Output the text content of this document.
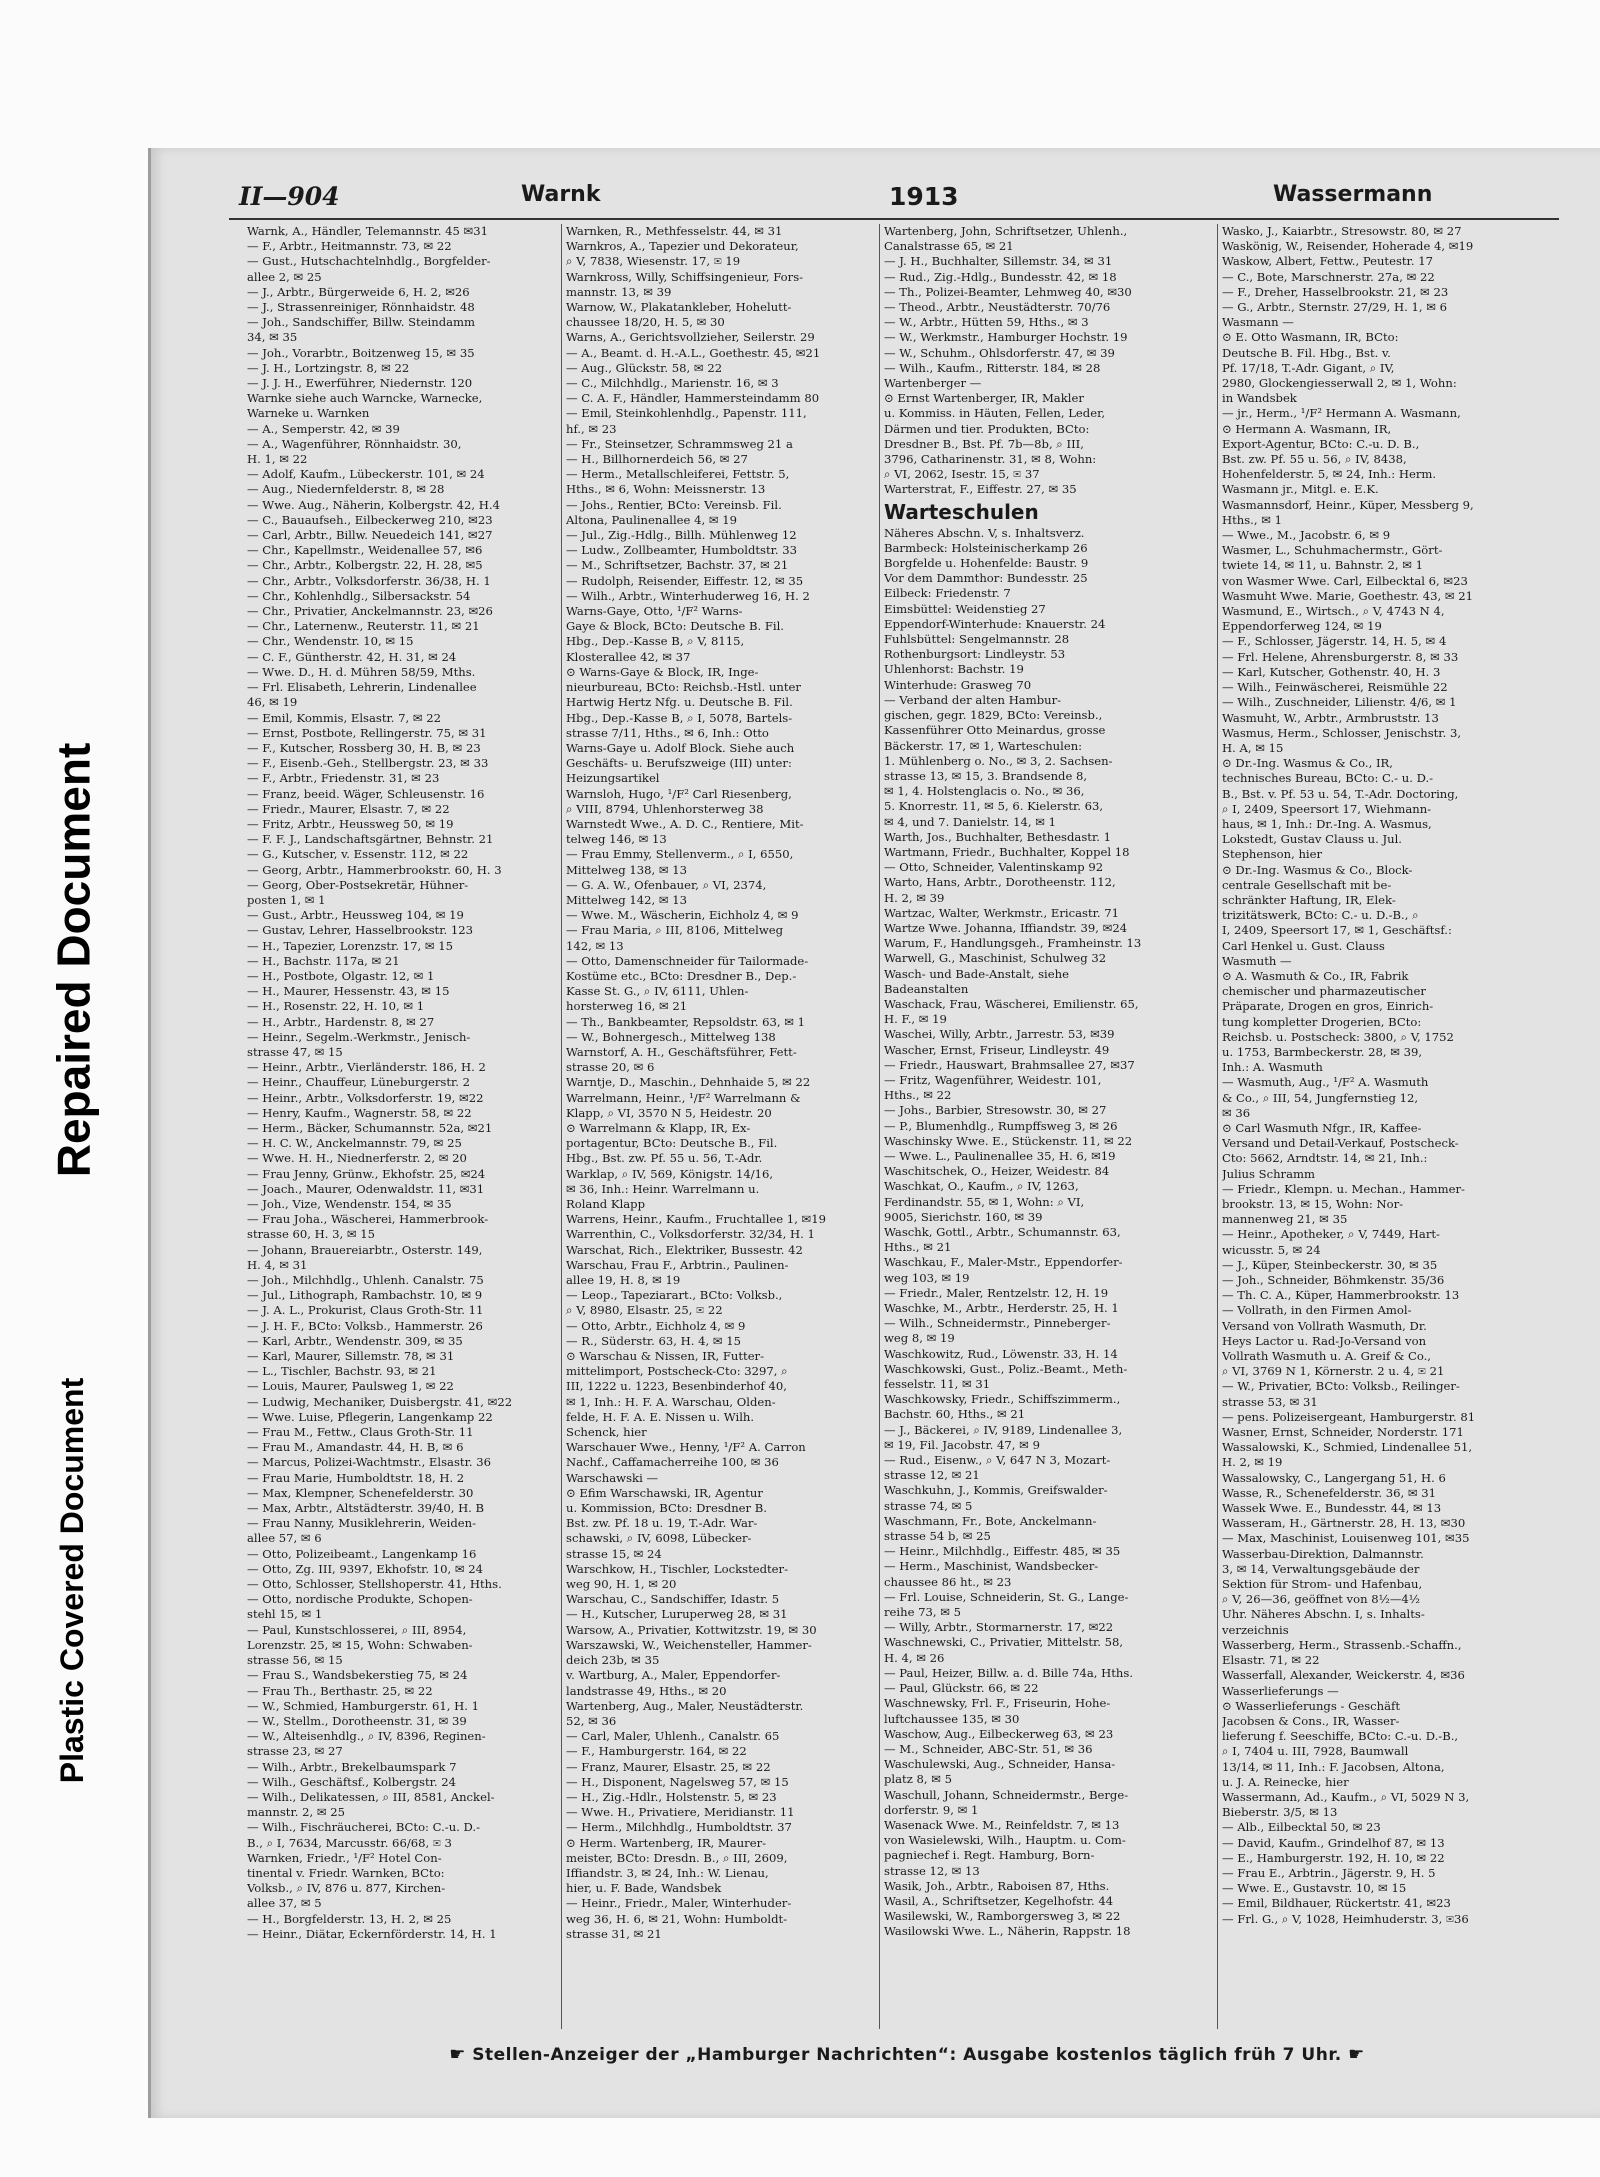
Repaired Document
Plastic Covered Document
II—904	Warnk	1913	Wassermann

Warnk, A., Händler, Telemannstr. 45 ✉31

— F., Arbtr., Heitmannstr. 73, ✉ 22

— Gust., Hutschachtelnhdlg., Borgfelder-

allee 2, ✉ 25

— J., Arbtr., Bürgerweide 6, H. 2, ✉26

— J., Strassenreiniger, Rönnhaidstr. 48

— Joh., Sandschiffer, Billw. Steindamm

34, ✉ 35

— Joh., Vorarbtr., Boitzenweg 15, ✉ 35

— J. H., Lortzingstr. 8, ✉ 22

— J. J. H., Ewerführer, Niedernstr. 120

Warnke siehe auch Warncke, Warnecke,

Warneke u. Warnken

— A., Semperstr. 42, ✉ 39

— A., Wagenführer, Rönnhaidstr. 30,

H. 1, ✉ 22

— Adolf, Kaufm., Lübeckerstr. 101, ✉ 24

— Aug., Niedernfelderstr. 8, ✉ 28

— Wwe. Aug., Näherin, Kolbergstr. 42, H.4

— C., Bauaufseh., Eilbeckerweg 210, ✉23

— Carl, Arbtr., Billw. Neuedeich 141, ✉27

— Chr., Kapellmstr., Weidenallee 57, ✉6

— Chr., Arbtr., Kolbergstr. 22, H. 28, ✉5

— Chr., Arbtr., Volksdorferstr. 36/38, H. 1

— Chr., Kohlenhdlg., Silbersackstr. 54

— Chr., Privatier, Anckelmannstr. 23, ✉26

— Chr., Laternenw., Reuterstr. 11, ✉ 21

— Chr., Wendenstr. 10, ✉ 15

— C. F., Güntherstr. 42, H. 31, ✉ 24

— Wwe. D., H. d. Mühren 58/59, Mths.

— Frl. Elisabeth, Lehrerin, Lindenallee

46, ✉ 19

— Emil, Kommis, Elsastr. 7, ✉ 22

— Ernst, Postbote, Rellingerstr. 75, ✉ 31

— F., Kutscher, Rossberg 30, H. B, ✉ 23

— F., Eisenb.-Geh., Stellbergstr. 23, ✉ 33

— F., Arbtr., Friedenstr. 31, ✉ 23

— Franz, beeid. Wäger, Schleusenstr. 16

— Friedr., Maurer, Elsastr. 7, ✉ 22

— Fritz, Arbtr., Heussweg 50, ✉ 19

— F. F. J., Landschaftsgärtner, Behnstr. 21

— G., Kutscher, v. Essenstr. 112, ✉ 22

— Georg, Arbtr., Hammerbrookstr. 60, H. 3

— Georg, Ober-Postsekretär, Hühner-

posten 1, ✉ 1

— Gust., Arbtr., Heussweg 104, ✉ 19

— Gustav, Lehrer, Hasselbrookstr. 123

— H., Tapezier, Lorenzstr. 17, ✉ 15

— H., Bachstr. 117a, ✉ 21

— H., Postbote, Olgastr. 12, ✉ 1

— H., Maurer, Hessenstr. 43, ✉ 15

— H., Rosenstr. 22, H. 10, ✉ 1

— H., Arbtr., Hardenstr. 8, ✉ 27

— Heinr., Segelm.-Werkmstr., Jenisch-

strasse 47, ✉ 15

— Heinr., Arbtr., Vierländerstr. 186, H. 2

— Heinr., Chauffeur, Lüneburgerstr. 2

— Heinr., Arbtr., Volksdorferstr. 19, ✉22

— Henry, Kaufm., Wagnerstr. 58, ✉ 22

— Herm., Bäcker, Schumannstr. 52a, ✉21

— H. C. W., Anckelmannstr. 79, ✉ 25

— Wwe. H. H., Niednerferstr. 2, ✉ 20

— Frau Jenny, Grünw., Ekhofstr. 25, ✉24

— Joach., Maurer, Odenwaldstr. 11, ✉31

— Joh., Vize, Wendenstr. 154, ✉ 35

— Frau Joha., Wäscherei, Hammerbrook-

strasse 60, H. 3, ✉ 15

— Johann, Brauereiarbtr., Osterstr. 149,

H. 4, ✉ 31

— Joh., Milchhdlg., Uhlenh. Canalstr. 75

— Jul., Lithograph, Rambachstr. 10, ✉ 9

— J. A. L., Prokurist, Claus Groth-Str. 11

— J. H. F., BCto: Volksb., Hammerstr. 26

— Karl, Arbtr., Wendenstr. 309, ✉ 35

— Karl, Maurer, Sillemstr. 78, ✉ 31

— L., Tischler, Bachstr. 93, ✉ 21

— Louis, Maurer, Paulsweg 1, ✉ 22

— Ludwig, Mechaniker, Duisbergstr. 41, ✉22

— Wwe. Luise, Pflegerin, Langenkamp 22

— Frau M., Fettw., Claus Groth-Str. 11

— Frau M., Amandastr. 44, H. B, ✉ 6

— Marcus, Polizei-Wachtmstr., Elsastr. 36

— Frau Marie, Humboldtstr. 18, H. 2

— Max, Klempner, Schenefelderstr. 30

— Max, Arbtr., Altstädterstr. 39/40, H. B

— Frau Nanny, Musiklehrerin, Weiden-

allee 57, ✉ 6

— Otto, Polizeibeamt., Langenkamp 16

— Otto, Zg. III, 9397, Ekhofstr. 10, ✉ 24

— Otto, Schlosser, Stellshoperstr. 41, Hths.

— Otto, nordische Produkte, Schopen-

stehl 15, ✉ 1

— Paul, Kunstschlosserei, ⌕ III, 8954,

Lorenzstr. 25, ✉ 15, Wohn: Schwaben-

strasse 56, ✉ 15

— Frau S., Wandsbekerstieg 75, ✉ 24

— Frau Th., Berthastr. 25, ✉ 22

— W., Schmied, Hamburgerstr. 61, H. 1

— W., Stellm., Dorotheenstr. 31, ✉ 39

— W., Alteisenhdlg., ⌕ IV, 8396, Reginen-

strasse 23, ✉ 27

— Wilh., Arbtr., Brekelbaumspark 7

— Wilh., Geschäftsf., Kolbergstr. 24

— Wilh., Delikatessen, ⌕ III, 8581, Anckel-

mannstr. 2, ✉ 25

— Wilh., Fischräucherei, BCto: C.-u. D.-

B., ⌕ I, 7634, Marcusstr. 66/68, ✉ 3

Warnken, Friedr., ¹/F² Hotel Con-

tinental v. Friedr. Warnken, BCto:

Volksb., ⌕ IV, 876 u. 877, Kirchen-

allee 37, ✉ 5

— H., Borgfelderstr. 13, H. 2, ✉ 25

— Heinr., Diätar, Eckernförderstr. 14, H. 1

Warnken, R., Methfesselstr. 44, ✉ 31

Warnkros, A., Tapezier und Dekorateur,

⌕ V, 7838, Wiesenstr. 17, ✉ 19

Warnkross, Willy, Schiffsingenieur, Fors-

mannstr. 13, ✉ 39

Warnow, W., Plakatankleber, Hohelutt-

chaussee 18/20, H. 5, ✉ 30

Warns, A., Gerichtsvollzieher, Seilerstr. 29

— A., Beamt. d. H.-A.L., Goethestr. 45, ✉21

— Aug., Glückstr. 58, ✉ 22

— C., Milchhdlg., Marienstr. 16, ✉ 3

— C. A. F., Händler, Hammersteindamm 80

— Emil, Steinkohlenhdlg., Papenstr. 111,

hf., ✉ 23

— Fr., Steinsetzer, Schrammsweg 21 a

— H., Billhornerdeich 56, ✉ 27

— Herm., Metallschleiferei, Fettstr. 5,

Hths., ✉ 6, Wohn: Meissnerstr. 13

— Johs., Rentier, BCto: Vereinsb. Fil.

Altona, Paulinenallee 4, ✉ 19

— Jul., Zig.-Hdlg., Billh. Mühlenweg 12

— Ludw., Zollbeamter, Humboldtstr. 33

— M., Schriftsetzer, Bachstr. 37, ✉ 21

— Rudolph, Reisender, Eiffestr. 12, ✉ 35

— Wilh., Arbtr., Winterhuderweg 16, H. 2

Warns-Gaye, Otto, ¹/F² Warns-

Gaye & Block, BCto: Deutsche B. Fil.

Hbg., Dep.-Kasse B, ⌕ V, 8115,

Klosterallee 42, ✉ 37

⊙ Warns-Gaye & Block, IR, Inge-

nieurbureau, BCto: Reichsb.-Hstl. unter

Hartwig Hertz Nfg. u. Deutsche B. Fil.

Hbg., Dep.-Kasse B, ⌕ I, 5078, Bartels-

strasse 7/11, Hths., ✉ 6, Inh.: Otto

Warns-Gaye u. Adolf Block. Siehe auch

Geschäfts- u. Berufszweige (III) unter:

Heizungsartikel

Warnsloh, Hugo, ¹/F² Carl Riesenberg,

⌕ VIII, 8794, Uhlenhorsterweg 38

Warnstedt Wwe., A. D. C., Rentiere, Mit-

telweg 146, ✉ 13

— Frau Emmy, Stellenverm., ⌕ I, 6550,

Mittelweg 138, ✉ 13

— G. A. W., Ofenbauer, ⌕ VI, 2374,

Mittelweg 142, ✉ 13

— Wwe. M., Wäscherin, Eichholz 4, ✉ 9

— Frau Maria, ⌕ III, 8106, Mittelweg

142, ✉ 13

— Otto, Damenschneider für Tailormade-

Kostüme etc., BCto: Dresdner B., Dep.-

Kasse St. G., ⌕ IV, 6111, Uhlen-

horsterweg 16, ✉ 21

— Th., Bankbeamter, Repsoldstr. 63, ✉ 1

— W., Bohnergesch., Mittelweg 138

Warnstorf, A. H., Geschäftsführer, Fett-

strasse 20, ✉ 6

Warntje, D., Maschin., Dehnhaide 5, ✉ 22

Warrelmann, Heinr., ¹/F² Warrelmann &

Klapp, ⌕ VI, 3570 N 5, Heidestr. 20

⊙ Warrelmann & Klapp, IR, Ex-

portagentur, BCto: Deutsche B., Fil.

Hbg., Bst. zw. Pf. 55 u. 56, T.-Adr.

Warklap, ⌕ IV, 569, Königstr. 14/16,

✉ 36, Inh.: Heinr. Warrelmann u.

Roland Klapp

Warrens, Heinr., Kaufm., Fruchtallee 1, ✉19

Warrenthin, C., Volksdorferstr. 32/34, H. 1

Warschat, Rich., Elektriker, Bussestr. 42

Warschau, Frau F., Arbtrin., Paulinen-

allee 19, H. 8, ✉ 19

— Leop., Tapeziarart., BCto: Volksb.,

⌕ V, 8980, Elsastr. 25, ✉ 22

— Otto, Arbtr., Eichholz 4, ✉ 9

— R., Süderstr. 63, H. 4, ✉ 15

⊙ Warschau & Nissen, IR, Futter-

mittelimport, Postscheck-Cto: 3297, ⌕

III, 1222 u. 1223, Besenbinderhof 40,

✉ 1, Inh.: H. F. A. Warschau, Olden-

felde, H. F. A. E. Nissen u. Wilh.

Schenck, hier

Warschauer Wwe., Henny, ¹/F² A. Carron

Nachf., Caffamacherreihe 100, ✉ 36

Warschawski —

⊙ Efim Warschawski, IR, Agentur

u. Kommission, BCto: Dresdner B.

Bst. zw. Pf. 18 u. 19, T.-Adr. War-

schawski, ⌕ IV, 6098, Lübecker-

strasse 15, ✉ 24

Warschkow, H., Tischler, Lockstedter-

weg 90, H. 1, ✉ 20

Warschau, C., Sandschiffer, Idastr. 5

— H., Kutscher, Luruperweg 28, ✉ 31

Warsow, A., Privatier, Kottwitzstr. 19, ✉ 30

Warszawski, W., Weichensteller, Hammer-

deich 23b, ✉ 35

v. Wartburg, A., Maler, Eppendorfer-

landstrasse 49, Hths., ✉ 20

Wartenberg, Aug., Maler, Neustädterstr.

52, ✉ 36

— Carl, Maler, Uhlenh., Canalstr. 65

— F., Hamburgerstr. 164, ✉ 22

— Franz, Maurer, Elsastr. 25, ✉ 22

— H., Disponent, Nagelsweg 57, ✉ 15

— H., Zig.-Hdlr., Holstenstr. 5, ✉ 23

— Wwe. H., Privatiere, Meridianstr. 11

— Herm., Milchhdlg., Humboldtstr. 37

⊙ Herm. Wartenberg, IR, Maurer-

meister, BCto: Dresdn. B., ⌕ III, 2609,

Iffiandstr. 3, ✉ 24, Inh.: W. Lienau,

hier, u. F. Bade, Wandsbek

— Heinr., Friedr., Maler, Winterhuder-

weg 36, H. 6, ✉ 21, Wohn: Humboldt-

strasse 31, ✉ 21

Wartenberg, John, Schriftsetzer, Uhlenh.,

Canalstrasse 65, ✉ 21

— J. H., Buchhalter, Sillemstr. 34, ✉ 31

— Rud., Zig.-Hdlg., Bundesstr. 42, ✉ 18

— Th., Polizei-Beamter, Lehmweg 40, ✉30

— Theod., Arbtr., Neustädterstr. 70/76

— W., Arbtr., Hütten 59, Hths., ✉ 3

— W., Werkmstr., Hamburger Hochstr. 19

— W., Schuhm., Ohlsdorferstr. 47, ✉ 39

— Wilh., Kaufm., Ritterstr. 184, ✉ 28

Wartenberger —

⊙ Ernst Wartenberger, IR, Makler

u. Kommiss. in Häuten, Fellen, Leder,

Därmen und tier. Produkten, BCto:

Dresdner B., Bst. Pf. 7b—8b, ⌕ III,

3796, Catharinenstr. 31, ✉ 8, Wohn:

⌕ VI, 2062, Isestr. 15, ✉ 37

Warterstrat, F., Eiffestr. 27, ✉ 35

Warteschulen

Näheres Abschn. V, s. Inhaltsverz.

Barmbeck: Holsteinischerkamp 26

Borgfelde u. Hohenfelde: Baustr. 9

Vor dem Dammthor: Bundesstr. 25

Eilbeck: Friedenstr. 7

Eimsbüttel: Weidenstieg 27

Eppendorf-Winterhude: Knauerstr. 24

Fuhlsbüttel: Sengelmannstr. 28

Rothenburgsort: Lindleystr. 53

Uhlenhorst: Bachstr. 19

Winterhude: Grasweg 70

— Verband der alten Hambur-

gischen, gegr. 1829, BCto: Vereinsb.,

Kassenführer Otto Meinardus, grosse

Bäckerstr. 17, ✉ 1, Warteschulen:

1. Mühlenberg o. No., ✉ 3, 2. Sachsen-

strasse 13, ✉ 15, 3. Brandsende 8,

✉ 1, 4. Holstenglacis o. No., ✉ 36,

5. Knorrestr. 11, ✉ 5, 6. Kielerstr. 63,

✉ 4, und 7. Danielstr. 14, ✉ 1

Warth, Jos., Buchhalter, Bethesdastr. 1

Wartmann, Friedr., Buchhalter, Koppel 18

— Otto, Schneider, Valentinskamp 92

Warto, Hans, Arbtr., Dorotheenstr. 112,

H. 2, ✉ 39

Wartzac, Walter, Werkmstr., Ericastr. 71

Wartze Wwe. Johanna, Iffiandstr. 39, ✉24

Warum, F., Handlungsgeh., Framheinstr. 13

Warwell, G., Maschinist, Schulweg 32

Wasch- und Bade-Anstalt, siehe

Badeanstalten

Waschack, Frau, Wäscherei, Emilienstr. 65,

H. F., ✉ 19

Waschei, Willy, Arbtr., Jarrestr. 53, ✉39

Wascher, Ernst, Friseur, Lindleystr. 49

— Friedr., Hauswart, Brahmsallee 27, ✉37

— Fritz, Wagenführer, Weidestr. 101,

Hths., ✉ 22

— Johs., Barbier, Stresowstr. 30, ✉ 27

— P., Blumenhdlg., Rumpffsweg 3, ✉ 26

Waschinsky Wwe. E., Stückenstr. 11, ✉ 22

— Wwe. L., Paulinenallee 35, H. 6, ✉19

Waschitschek, O., Heizer, Weidestr. 84

Waschkat, O., Kaufm., ⌕ IV, 1263,

Ferdinandstr. 55, ✉ 1, Wohn: ⌕ VI,

9005, Sierichstr. 160, ✉ 39

Waschk, Gottl., Arbtr., Schumannstr. 63,

Hths., ✉ 21

Waschkau, F., Maler-Mstr., Eppendorfer-

weg 103, ✉ 19

— Friedr., Maler, Rentzelstr. 12, H. 19

Waschke, M., Arbtr., Herderstr. 25, H. 1

— Wilh., Schneidermstr., Pinneberger-

weg 8, ✉ 19

Waschkowitz, Rud., Löwenstr. 33, H. 14

Waschkowski, Gust., Poliz.-Beamt., Meth-

fesselstr. 11, ✉ 31

Waschkowsky, Friedr., Schiffszimmerm.,

Bachstr. 60, Hths., ✉ 21

— J., Bäckerei, ⌕ IV, 9189, Lindenallee 3,

✉ 19, Fil. Jacobstr. 47, ✉ 9

— Rud., Eisenw., ⌕ V, 647 N 3, Mozart-

strasse 12, ✉ 21

Waschkuhn, J., Kommis, Greifswalder-

strasse 74, ✉ 5

Waschmann, Fr., Bote, Anckelmann-

strasse 54 b, ✉ 25

— Heinr., Milchhdlg., Eiffestr. 485, ✉ 35

— Herm., Maschinist, Wandsbecker-

chaussee 86 ht., ✉ 23

— Frl. Louise, Schneiderin, St. G., Lange-

reihe 73, ✉ 5

— Willy, Arbtr., Stormarnerstr. 17, ✉22

Waschnewski, C., Privatier, Mittelstr. 58,

H. 4, ✉ 26

— Paul, Heizer, Billw. a. d. Bille 74a, Hths.

— Paul, Glückstr. 66, ✉ 22

Waschnewsky, Frl. F., Friseurin, Hohe-

luftchaussee 135, ✉ 30

Waschow, Aug., Eilbeckerweg 63, ✉ 23

— M., Schneider, ABC-Str. 51, ✉ 36

Waschulewski, Aug., Schneider, Hansa-

platz 8, ✉ 5

Waschull, Johann, Schneidermstr., Berge-

dorferstr. 9, ✉ 1

Wasenack Wwe. M., Reinfeldstr. 7, ✉ 13

von Wasielewski, Wilh., Hauptm. u. Com-

pagniechef i. Regt. Hamburg, Born-

strasse 12, ✉ 13

Wasik, Joh., Arbtr., Raboisen 87, Hths.

Wasil, A., Schriftsetzer, Kegelhofstr. 44

Wasilewski, W., Ramborgersweg 3, ✉ 22

Wasilowski Wwe. L., Näherin, Rappstr. 18

Wasko, J., Kaiarbtr., Stresowstr. 80, ✉ 27

Waskönig, W., Reisender, Hoherade 4, ✉19

Waskow, Albert, Fettw., Peutestr. 17

— C., Bote, Marschnerstr. 27a, ✉ 22

— F., Dreher, Hasselbrookstr. 21, ✉ 23

— G., Arbtr., Sternstr. 27/29, H. 1, ✉ 6

Wasmann —

⊙ E. Otto Wasmann, IR, BCto:

Deutsche B. Fil. Hbg., Bst. v.

Pf. 17/18, T.-Adr. Gigant, ⌕ IV,

2980, Glockengiesserwall 2, ✉ 1, Wohn:

in Wandsbek

— jr., Herm., ¹/F² Hermann A. Wasmann,

⊙ Hermann A. Wasmann, IR,

Export-Agentur, BCto: C.-u. D. B.,

Bst. zw. Pf. 55 u. 56, ⌕ IV, 8438,

Hohenfelderstr. 5, ✉ 24, Inh.: Herm.

Wasmann jr., Mitgl. e. E.K.

Wasmannsdorf, Heinr., Küper, Messberg 9,

Hths., ✉ 1

— Wwe., M., Jacobstr. 6, ✉ 9

Wasmer, L., Schuhmachermstr., Gört-

twiete 14, ✉ 11, u. Bahnstr. 2, ✉ 1

von Wasmer Wwe. Carl, Eilbecktal 6, ✉23

Wasmuht Wwe. Marie, Goethestr. 43, ✉ 21

Wasmund, E., Wirtsch., ⌕ V, 4743 N 4,

Eppendorferweg 124, ✉ 19

— F., Schlosser, Jägerstr. 14, H. 5, ✉ 4

— Frl. Helene, Ahrensburgerstr. 8, ✉ 33

— Karl, Kutscher, Gothenstr. 40, H. 3

— Wilh., Feinwäscherei, Reismühle 22

— Wilh., Zuschneider, Lilienstr. 4/6, ✉ 1

Wasmuht, W., Arbtr., Armbruststr. 13

Wasmus, Herm., Schlosser, Jenischstr. 3,

H. A, ✉ 15

⊙ Dr.-Ing. Wasmus & Co., IR,

technisches Bureau, BCto: C.- u. D.-

B., Bst. v. Pf. 53 u. 54, T.-Adr. Doctoring,

⌕ I, 2409, Speersort 17, Wiehmann-

haus, ✉ 1, Inh.: Dr.-Ing. A. Wasmus,

Lokstedt, Gustav Clauss u. Jul.

Stephenson, hier

⊙ Dr.-Ing. Wasmus & Co., Block-

centrale Gesellschaft mit be-

schränkter Haftung, IR, Elek-

trizitätswerk, BCto: C.- u. D.-B., ⌕

I, 2409, Speersort 17, ✉ 1, Geschäftsf.:

Carl Henkel u. Gust. Clauss

Wasmuth —

⊙ A. Wasmuth & Co., IR, Fabrik

chemischer und pharmazeutischer

Präparate, Drogen en gros, Einrich-

tung kompletter Drogerien, BCto:

Reichsb. u. Postscheck: 3800, ⌕ V, 1752

u. 1753, Barmbeckerstr. 28, ✉ 39,

Inh.: A. Wasmuth

— Wasmuth, Aug., ¹/F² A. Wasmuth

& Co., ⌕ III, 54, Jungfernstieg 12,

✉ 36

⊙ Carl Wasmuth Nfgr., IR, Kaffee-

Versand und Detail-Verkauf, Postscheck-

Cto: 5662, Arndtstr. 14, ✉ 21, Inh.:

Julius Schramm

— Friedr., Klempn. u. Mechan., Hammer-

brookstr. 13, ✉ 15, Wohn: Nor-

mannenweg 21, ✉ 35

— Heinr., Apotheker, ⌕ V, 7449, Hart-

wicusstr. 5, ✉ 24

— J., Küper, Steinbeckerstr. 30, ✉ 35

— Joh., Schneider, Böhmkenstr. 35/36

— Th. C. A., Küper, Hammerbrookstr. 13

— Vollrath, in den Firmen Amol-

Versand von Vollrath Wasmuth, Dr.

Heys Lactor u. Rad-Jo-Versand von

Vollrath Wasmuth u. A. Greif & Co.,

⌕ VI, 3769 N 1, Körnerstr. 2 u. 4, ✉ 21

— W., Privatier, BCto: Volksb., Reilinger-

strasse 53, ✉ 31

— pens. Polizeisergeant, Hamburgerstr. 81

Wasner, Ernst, Schneider, Norderstr. 171

Wassalowski, K., Schmied, Lindenallee 51,

H. 2, ✉ 19

Wassalowsky, C., Langergang 51, H. 6

Wasse, R., Schenefelderstr. 36, ✉ 31

Wassek Wwe. E., Bundesstr. 44, ✉ 13

Wasseram, H., Gärtnerstr. 28, H. 13, ✉30

— Max, Maschinist, Louisenweg 101, ✉35

Wasserbau-Direktion, Dalmannstr.

3, ✉ 14, Verwaltungsgebäude der

Sektion für Strom- und Hafenbau,

⌕ V, 26—36, geöffnet von 8½—4½

Uhr. Näheres Abschn. I, s. Inhalts-

verzeichnis

Wasserberg, Herm., Strassenb.-Schaffn.,

Elsastr. 71, ✉ 22

Wasserfall, Alexander, Weickerstr. 4, ✉36

Wasserlieferungs —

⊙ Wasserlieferungs - Geschäft

Jacobsen & Cons., IR, Wasser-

lieferung f. Seeschiffe, BCto: C.-u. D.-B.,

⌕ I, 7404 u. III, 7928, Baumwall

13/14, ✉ 11, Inh.: F. Jacobsen, Altona,

u. J. A. Reinecke, hier

Wassermann, Ad., Kaufm., ⌕ VI, 5029 N 3,

Bieberstr. 3/5, ✉ 13

— Alb., Eilbecktal 50, ✉ 23

— David, Kaufm., Grindelhof 87, ✉ 13

— E., Hamburgerstr. 192, H. 10, ✉ 22

— Frau E., Arbtrin., Jägerstr. 9, H. 5

— Wwe. E., Gustavstr. 10, ✉ 15

— Emil, Bildhauer, Rückertstr. 41, ✉23

— Frl. G., ⌕ V, 1028, Heimhuderstr. 3, ✉36

☛ Stellen-Anzeiger der „Hamburger Nachrichten“: Ausgabe kostenlos täglich früh 7 Uhr. ☛
